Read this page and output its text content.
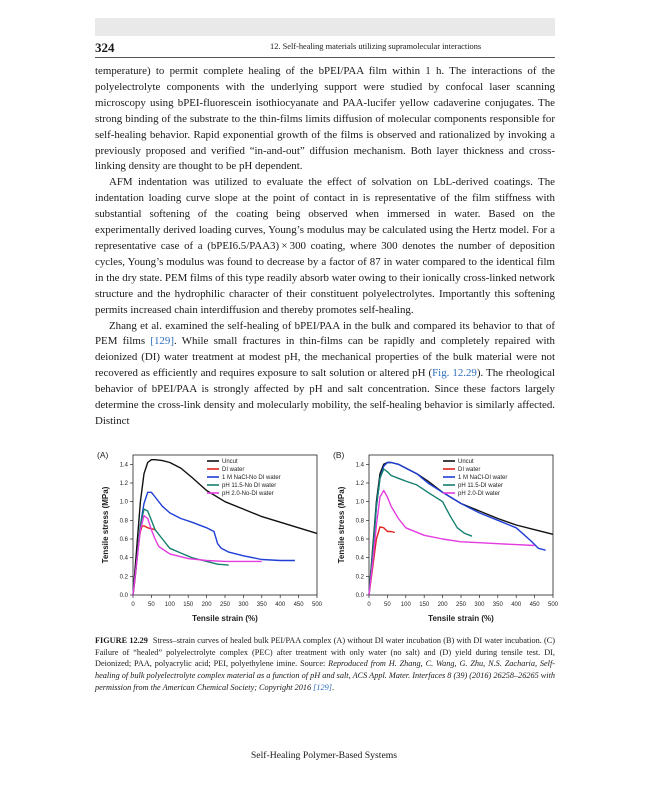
324	12. Self-healing materials utilizing supramolecular interactions

temperature) to permit complete healing of the bPEI/PAA film within 1 h. The interactions of the polyelectrolyte components with the underlying support were studied by confocal laser scanning microscopy using bPEI-fluorescein isothiocyanate and PAA-lucifer yellow cadaverine conjugates. The strong binding of the substrate to the thin-films limits diffusion of molecular components responsible for self-healing behavior. Rapid exponential growth of the films is observed and rationalized by invoking a previously proposed and verified “in-and-out” diffusion mechanism. Both layer thickness and cross-linking density are thought to be pH dependent.

AFM indentation was utilized to evaluate the effect of solvation on LbL-derived coatings. The indentation loading curve slope at the point of contact in is representative of the film stiffness with substantial softening of the coating being observed when immersed in water. Based on the experimentally derived loading curves, Young’s modulus may be calculated using the Hertz model. For a representative case of a (bPEI6.5/PAA3) × 300 coating, where 300 denotes the number of deposition cycles, Young’s modulus was found to decrease by a factor of 87 in water compared to the identical film in the dry state. PEM films of this type readily absorb water owing to their ionically cross-linked network structure and the hydrophilic character of their constituent polyelectrolytes. Importantly this softening permits increased chain interdiffusion and thereby promotes self-healing.

Zhang et al. examined the self-healing of bPEI/PAA in the bulk and compared its behavior to that of PEM films [129]. While small fractures in thin-films can be rapidly and completely repaired with deionized (DI) water treatment at modest pH, the mechanical properties of the bulk material were not recovered as efficiently and requires exposure to salt solution or altered pH (Fig. 12.29). The rheological behavior of bPEI/PAA is strongly affected by pH and salt concentration. Since these factors largely determine the cross-link density and molecularly mobility, the self-healing behavior is similarly affected. Distinct

(A)
0 50 100 150 200 250 300 350 400 450 500
0.0
0.2
0.4
0.6
0.8
1.0
1.2
1.4
Tensile strain (%)
Tensile stress (MPa)
Uncut
DI water
1 M NaCl-No DI water
pH 11.5-No DI water
pH 2.0-No-DI water
(B)
0 50 100 150 200 250 300 350 400 450 500
0.0
0.2
0.4
0.6
0.8
1.0
1.2
1.4
Tensile strain (%)
Tensile stress (MPa)
Uncut
DI water
1 M NaCl-DI water
pH 11.5-DI water
pH 2.0-DI water
FIGURE 12.29 Stress–strain curves of healed bulk PEI/PAA complex (A) without DI water incubation (B) with DI water incubation. (C) Failure of “healed” polyelectrolyte complex (PEC) after treatment with only water (no salt) and (D) yield during tensile test. DI, Deionized; PAA, polyacrylic acid; PEI, polyethylene imine. Source: Reproduced from H. Zhang, C. Wang, G. Zhu, N.S. Zacharia, Self-healing of bulk polyelectrolyte complex material as a function of pH and salt, ACS Appl. Mater. Interfaces 8 (39) (2016) 26258–26265 with permission from the American Chemical Society; Copyright 2016 [129].
Self-Healing Polymer-Based Systems
